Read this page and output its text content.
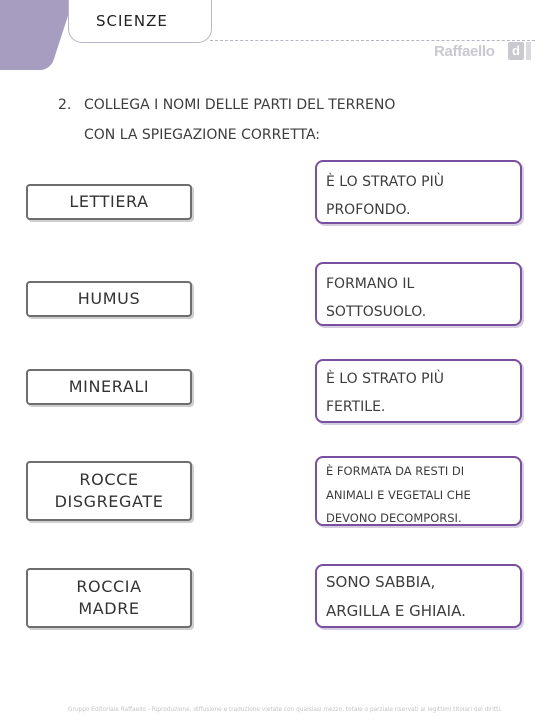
SCIENZE
Raffaello	d
2. COLLEGA I NOMI DELLE PARTI DEL TERRENO
CON LA SPIEGAZIONE CORRETTA:
LETTIERA
HUMUS
MINERALI
ROCCE
DISGREGATE
ROCCIA
MADRE
È LO STRATO PIÙ
PROFONDO.
FORMANO IL
SOTTOSUOLO.
È LO STRATO PIÙ
FERTILE.
È FORMATA DA RESTI DI
ANIMALI E VEGETALI CHE
DEVONO DECOMPORSI.
SONO SABBIA,
ARGILLA E GHIAIA.
Gruppo Editoriale Raffaello - Riproduzione, diffusione e traduzione vietate con qualsiasi mezzo, totale o parziale riservati ai legittimi titolari dei diritti.
